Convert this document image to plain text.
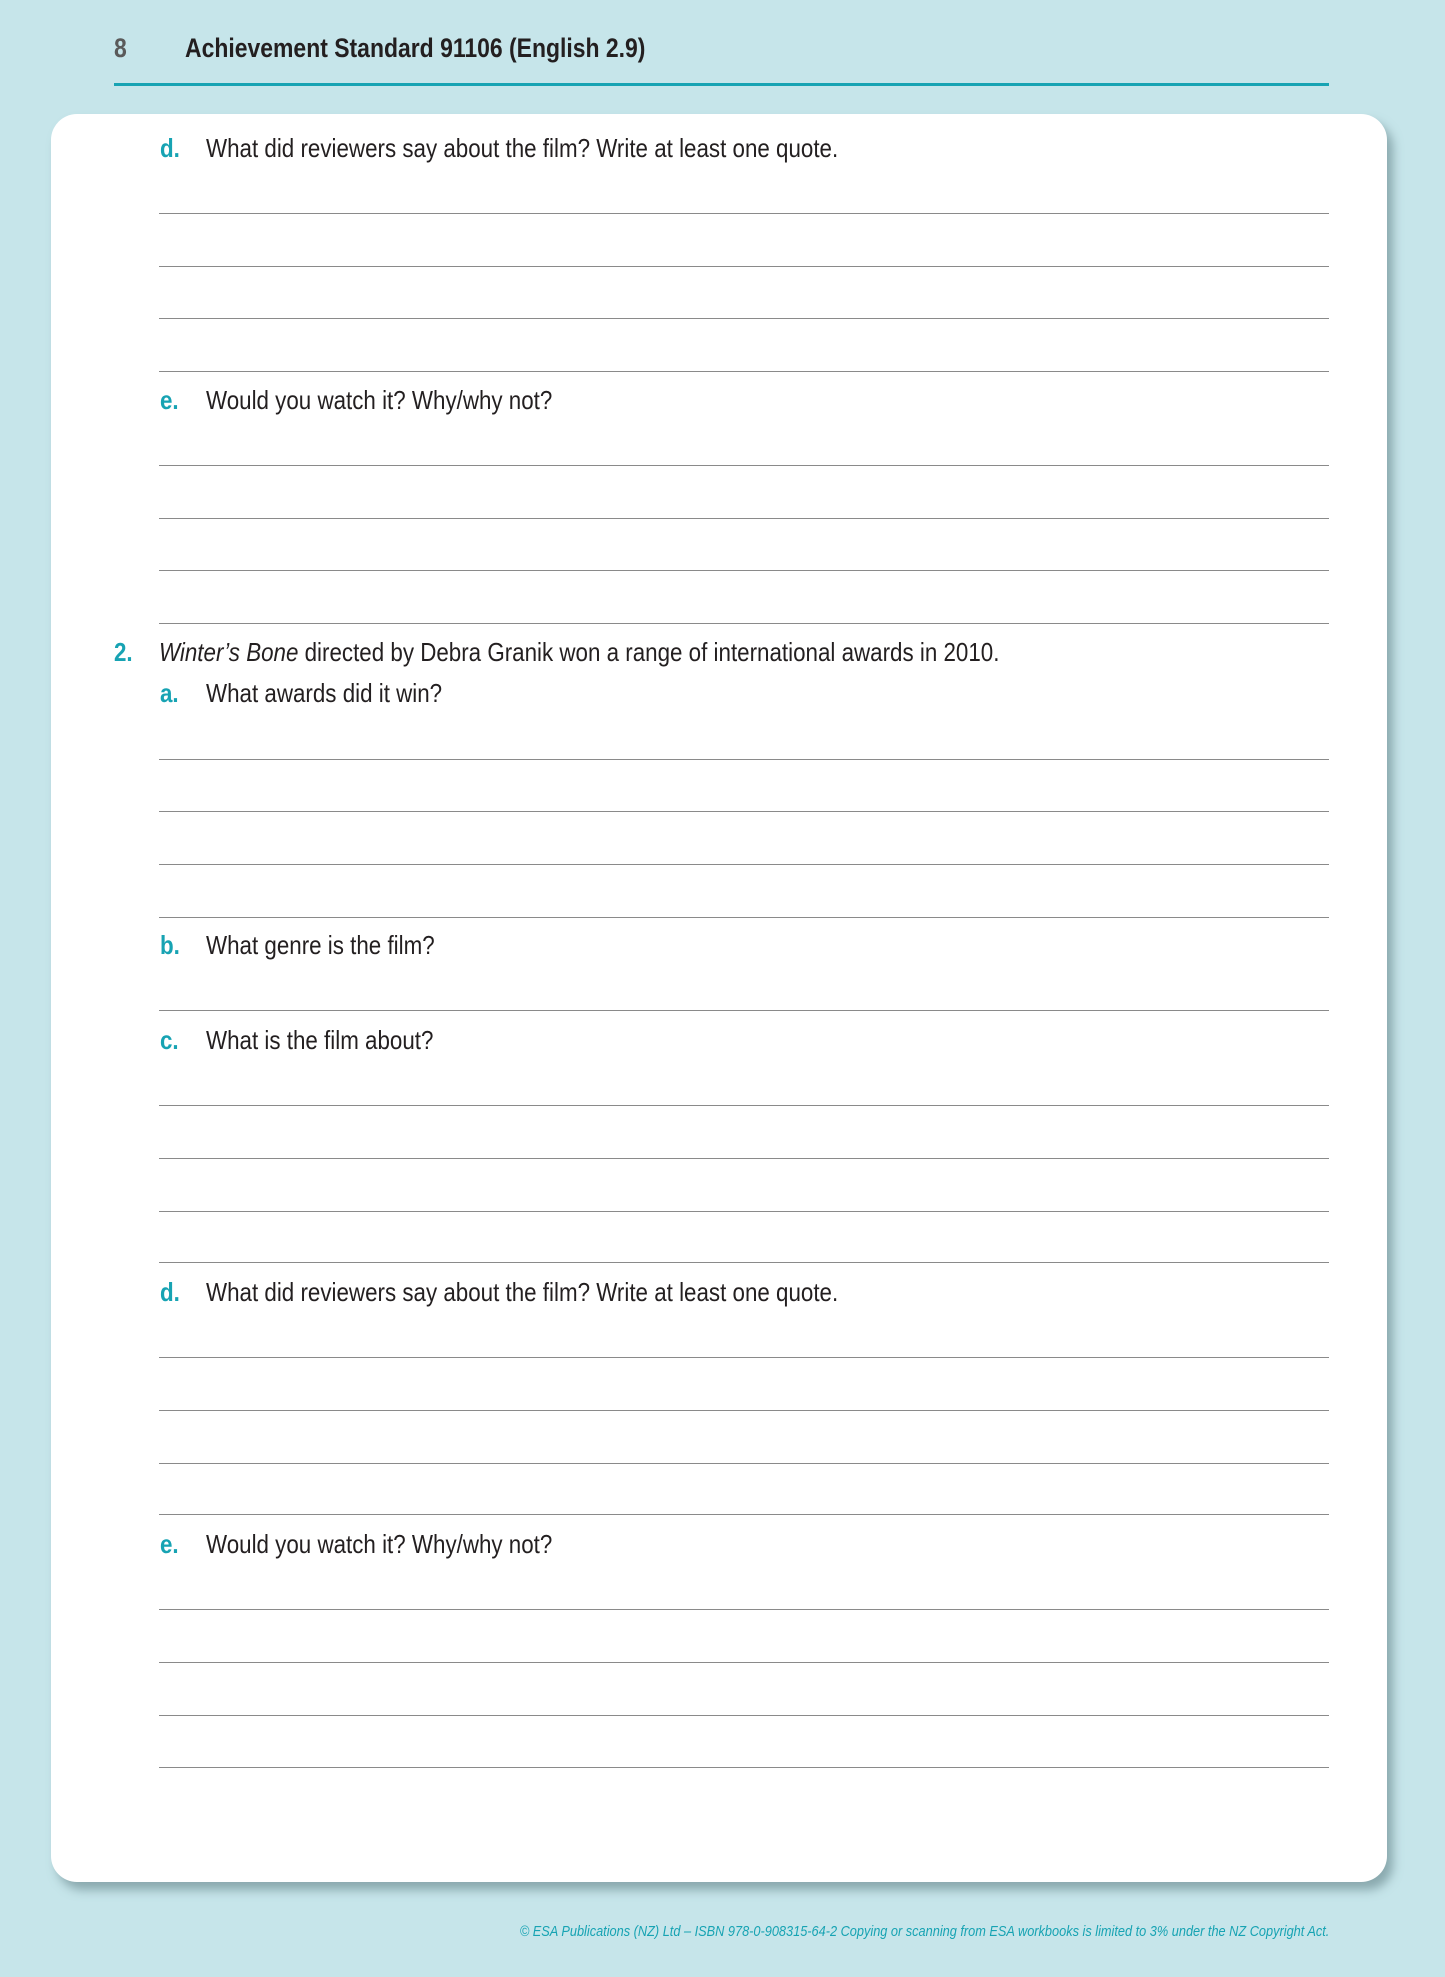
8 Achievement Standard 91106 (English 2.9)
d. What did reviewers say about the film? Write at least one quote.
e. Would you watch it? Why/why not?
2. Winter’s Bone directed by Debra Granik won a range of international awards in 2010.
a. What awards did it win?
b. What genre is the film?
c. What is the film about?
d. What did reviewers say about the film? Write at least one quote.
e. Would you watch it? Why/why not?
© ESA Publications (NZ) Ltd – ISBN 978-0-908315-64-2 Copying or scanning from ESA workbooks is limited to 3% under the NZ Copyright Act.
